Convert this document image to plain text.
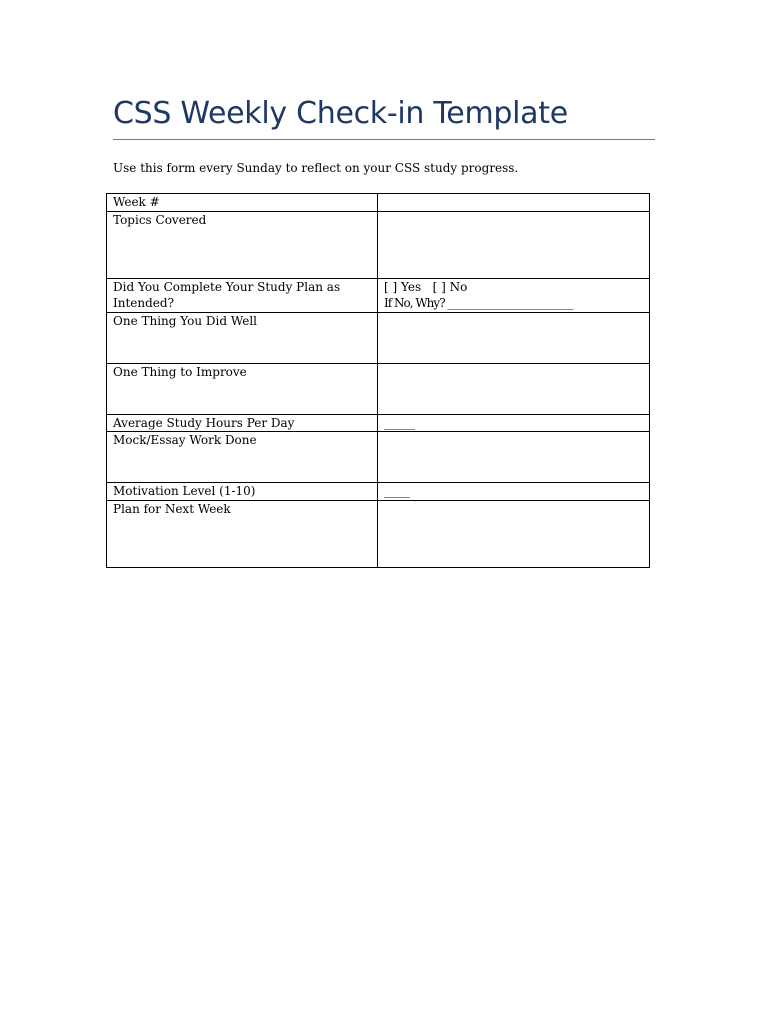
CSS Weekly Check-in Template

Use this form every Sunday to reflect on your CSS study progress.

Week #	
Topics Covered	
Did You Complete Your Study Plan as Intended?	[ ] Yes   [ ] No
If No, Why? _________________________

One Thing You Did Well	
One Thing to Improve	
Average Study Hours Per Day	______
Mock/Essay Work Done	
Motivation Level (1-10)	_____
Plan for Next Week	
